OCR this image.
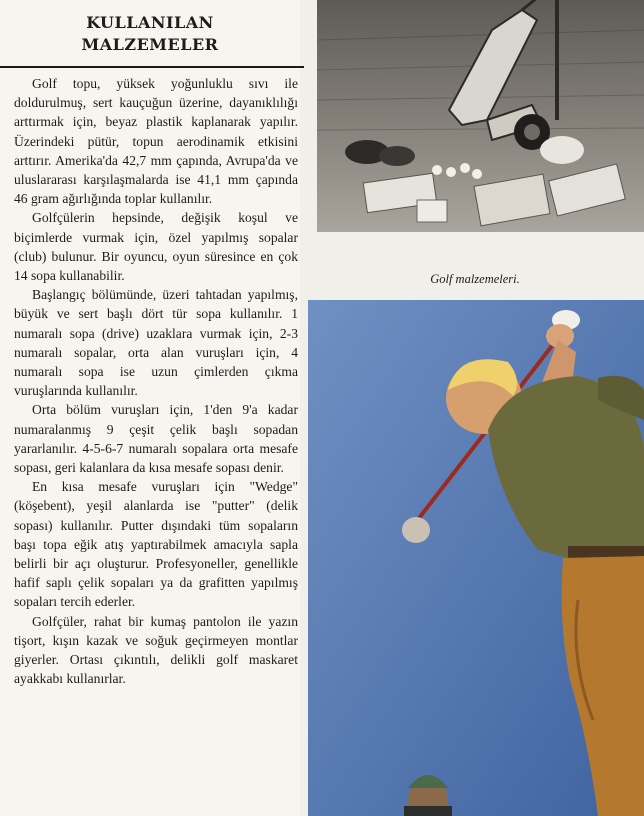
KULLANILAN
MALZEMELER

Golf topu, yüksek yoğunluklu sıvı ile doldurulmuş, sert kauçuğun üzerine, dayanıklılığı arttırmak için, beyaz plastik kaplanarak yapılır. Üzerindeki pütür, topun aerodinamik etkisini arttırır. Amerika'da 42,7 mm çapında, Avrupa'da ve uluslararası karşılaşmalarda ise 41,1 mm çapında 46 gram ağırlığında toplar kullanılır.

Golfçülerin hepsinde, değişik koşul ve biçimlerde vurmak için, özel yapılmış sopalar (club) bulunur. Bir oyuncu, oyun süresince en çok 14 sopa kullanabilir.

Başlangıç bölümünde, üzeri tahtadan yapılmış, büyük ve sert başlı dört tür sopa kullanılır. 1 numaralı sopa (drive) uzaklara vurmak için, 2-3 numaralı sopalar, orta alan vuruşları için, 4 numaralı sopa ise uzun çimlerden çıkma vuruşlarında kullanılır.

Orta bölüm vuruşları için, 1'den 9'a kadar numaralanmış 9 çeşit çelik başlı sopadan yararlanılır. 4-5-6-7 numaralı sopalara orta mesafe sopası, geri kalanlara da kısa mesafe sopası denir.

En kısa mesafe vuruşları için "Wedge" (köşebent), yeşil alanlarda ise "putter" (delik sopası) kullanılır. Putter dışındaki tüm sopaların başı topa eğik atış yaptırabilmek amacıyla sapla belirli bir açı oluşturur. Profesyoneller, genellikle hafif saplı çelik sopaları ya da grafitten yapılmış sopaları tercih ederler.

Golfçüler, rahat bir kumaş pantolon ile yazın tişort, kışın kazak ve soğuk geçirmeyen montlar giyerler. Ortası çıkıntılı, delikli golf maskaret ayakkabı kullanırlar.

Golf malzemeleri.
